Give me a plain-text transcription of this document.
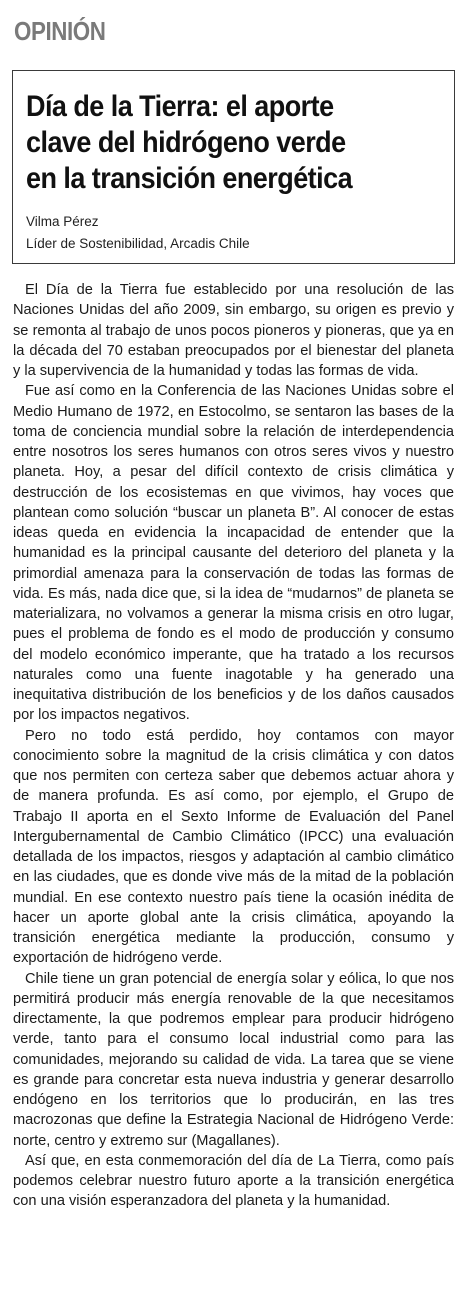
OPINIÓN
Día de la Tierra: el aporte
clave del hidrógeno verde
en la transición energética
Vilma Pérez
Líder de Sostenibilidad, Arcadis Chile

El Día de la Tierra fue establecido por una resolución de las Naciones Unidas del año 2009, sin embargo, su origen es previo y se remonta al trabajo de unos pocos pioneros y pioneras, que ya en la década del 70 estaban preocupados por el bienestar del planeta y la supervivencia de la humanidad y todas las formas de vida.

Fue así como en la Conferencia de las Naciones Unidas sobre el Medio Humano de 1972, en Estocolmo, se sentaron las bases de la toma de conciencia mundial sobre la relación de interdependencia entre nosotros los seres humanos con otros seres vivos y nuestro planeta. Hoy, a pesar del difícil contexto de crisis climática y destrucción de los ecosistemas en que vivimos, hay voces que plantean como solución “buscar un planeta B”. Al conocer de estas ideas queda en evidencia la incapacidad de entender que la humanidad es la principal causante del deterioro del planeta y la primordial amenaza para la conservación de todas las formas de vida. Es más, nada dice que, si la idea de “mudarnos” de planeta se materializara, no volvamos a generar la misma crisis en otro lugar, pues el problema de fondo es el modo de producción y consumo del modelo económico imperante, que ha tratado a los recursos naturales como una fuente inagotable y ha generado una inequitativa distribución de los beneficios y de los daños causados por los impactos negativos.

Pero no todo está perdido, hoy contamos con mayor conocimiento sobre la magnitud de la crisis climática y con datos que nos permiten con certeza saber que debemos actuar ahora y de manera profunda. Es así como, por ejemplo, el Grupo de Trabajo II aporta en el Sexto Informe de Evaluación del Panel Intergubernamental de Cambio Climático (IPCC) una evaluación detallada de los impactos, riesgos y adaptación al cambio climático en las ciudades, que es donde vive más de la mitad de la población mundial. En ese contexto nuestro país tiene la ocasión inédita de hacer un aporte global ante la crisis climática, apoyando la transición energética mediante la producción, consumo y exportación de hidrógeno verde.

Chile tiene un gran potencial de energía solar y eólica, lo que nos permitirá producir más energía renovable de la que necesitamos directamente, la que podremos emplear para producir hidrógeno verde, tanto para el consumo local industrial como para las comunidades, mejorando su calidad de vida. La tarea que se viene es grande para concretar esta nueva industria y generar desarrollo endógeno en los territorios que lo producirán, en las tres macrozonas que define la Estrategia Nacional de Hidrógeno Verde: norte, centro y extremo sur (Magallanes).

Así que, en esta conmemoración del día de La Tierra, como país podemos celebrar nuestro futuro aporte a la transición energética con una visión esperanzadora del planeta y la humanidad.
